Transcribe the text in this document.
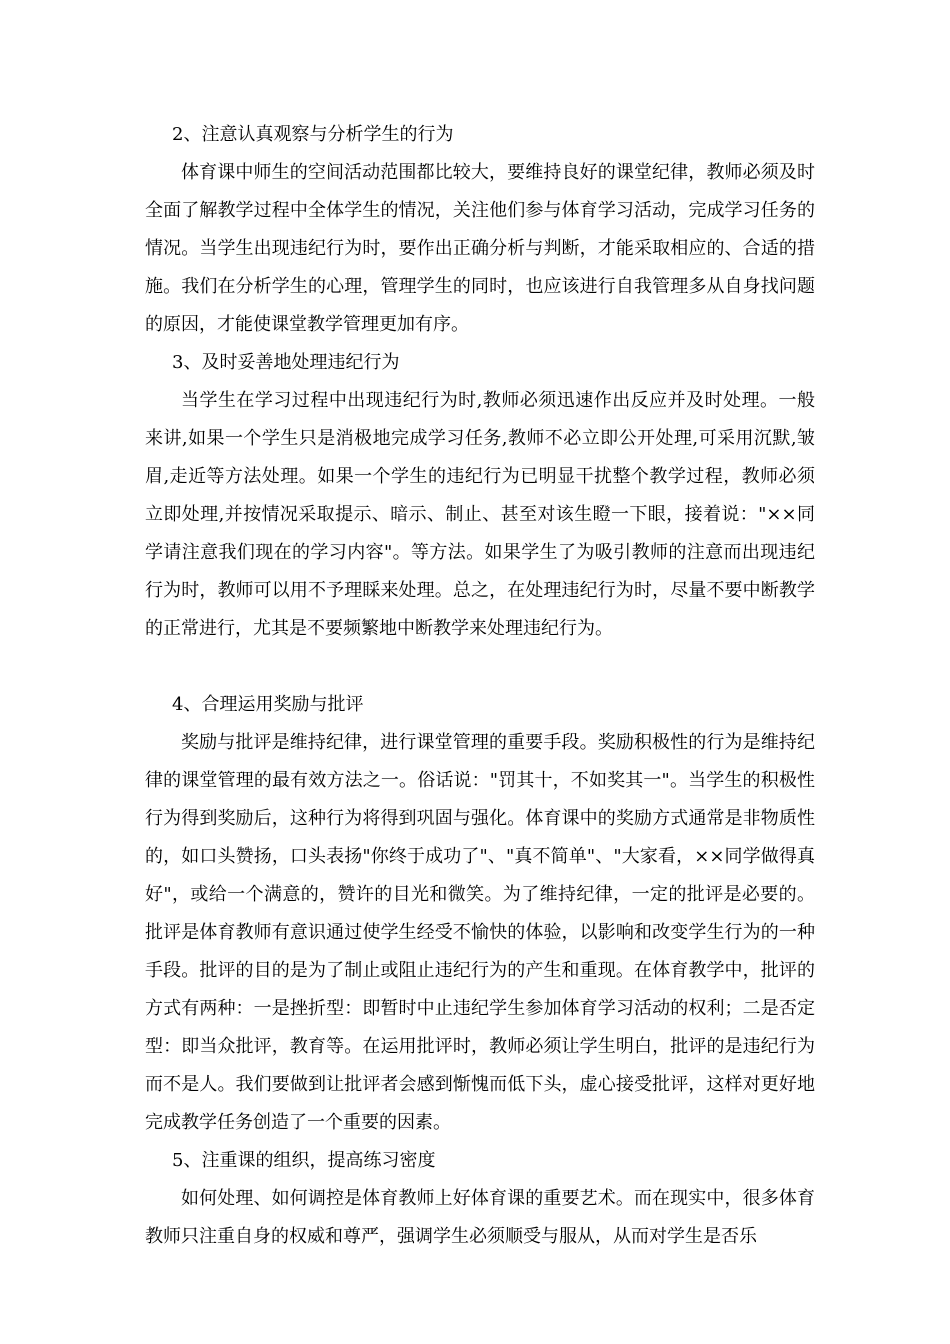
2、注意认真观察与分析学生的行为

体育课中师生的空间活动范围都比较大，要维持良好的课堂纪律，教师必须及时全面了解教学过程中全体学生的情况，关注他们参与体育学习活动，完成学习任务的情况。当学生出现违纪行为时，要作出正确分析与判断，才能采取相应的、合适的措施。我们在分析学生的心理，管理学生的同时，也应该进行自我管理多从自身找问题的原因，才能使课堂教学管理更加有序。

3、及时妥善地处理违纪行为

当学生在学习过程中出现违纪行为时,教师必须迅速作出反应并及时处理。一般来讲,如果一个学生只是消极地完成学习任务,教师不必立即公开处理,可采用沉默,皱眉,走近等方法处理。如果一个学生的违纪行为已明显干扰整个教学过程，教师必须立即处理,并按情况采取提示、暗示、制止、甚至对该生瞪一下眼，接着说："××同学请注意我们现在的学习内容"。等方法。如果学生了为吸引教师的注意而出现违纪行为时，教师可以用不予理睬来处理。总之，在处理违纪行为时，尽量不要中断教学的正常进行，尤其是不要频繁地中断教学来处理违纪行为。

4、合理运用奖励与批评

奖励与批评是维持纪律，进行课堂管理的重要手段。奖励积极性的行为是维持纪律的课堂管理的最有效方法之一。俗话说："罚其十，不如奖其一"。当学生的积极性行为得到奖励后，这种行为将得到巩固与强化。体育课中的奖励方式通常是非物质性的，如口头赞扬，口头表扬"你终于成功了"、"真不简单"、"大家看，××同学做得真好"，或给一个满意的，赞许的目光和微笑。为了维持纪律，一定的批评是必要的。批评是体育教师有意识通过使学生经受不愉快的体验，以影响和改变学生行为的一种手段。批评的目的是为了制止或阻止违纪行为的产生和重现。在体育教学中，批评的方式有两种：一是挫折型：即暂时中止违纪学生参加体育学习活动的权利；二是否定型：即当众批评，教育等。在运用批评时，教师必须让学生明白，批评的是违纪行为而不是人。我们要做到让批评者会感到惭愧而低下头，虚心接受批评，这样对更好地完成教学任务创造了一个重要的因素。

5、注重课的组织，提高练习密度

如何处理、如何调控是体育教师上好体育课的重要艺术。而在现实中，很多体育教师只注重自身的权威和尊严，强调学生必须顺受与服从，从而对学生是否乐
